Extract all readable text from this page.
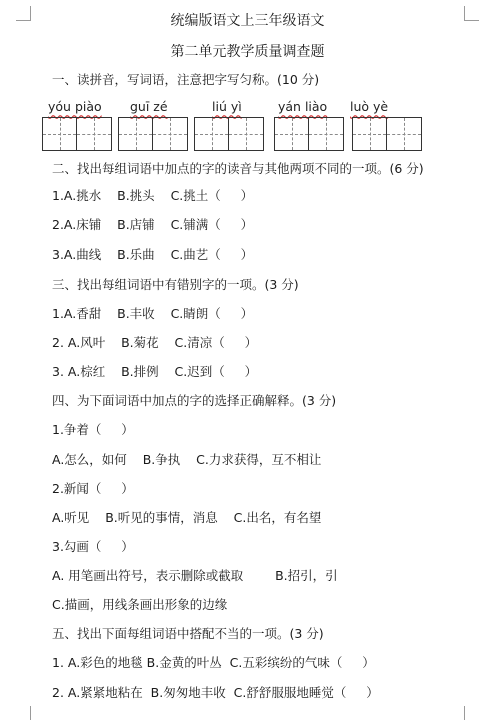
统编版语文上三年级语文
第二单元教学质量调查题
一、读拼音，写词语，注意把字写匀称。(10 分)
yóu piào guī zé	liú yì	yán liào luò yè
二、找出每组词语中加点的字的读音与其他两项不同的一项。(6 分)
1.A.挑水    B.挑头    C.挑土（     ）
2.A.床铺    B.店铺    C.铺满（     ）
3.A.曲线    B.乐曲    C.曲艺（     ）
三、找出每组词语中有错别字的一项。(3 分)
1.A.香甜    B.丰收    C.睛朗（     ）
2. A.风叶    B.菊花    C.清凉（     ）
3. A.棕红    B.排例    C.迟到（     ）
四、为下面词语中加点的字的选择正确解释。(3 分)
1.争着（     ）
A.怎么，如何    B.争执    C.力求获得，互不相让
2.新闻（     ）
A.听见    B.听见的事情，消息    C.出名，有名望
3.勾画（     ）
A. 用笔画出符号，表示删除或截取        B.招引，引
C.描画，用线条画出形象的边缘
五、找出下面每组词语中搭配不当的一项。(3 分)
1. A.彩色的地毯 B.金黄的叶丛  C.五彩缤纷的气味（     ）
2. A.紧紧地粘在  B.匆匆地丰收  C.舒舒服服地睡觉（     ）
